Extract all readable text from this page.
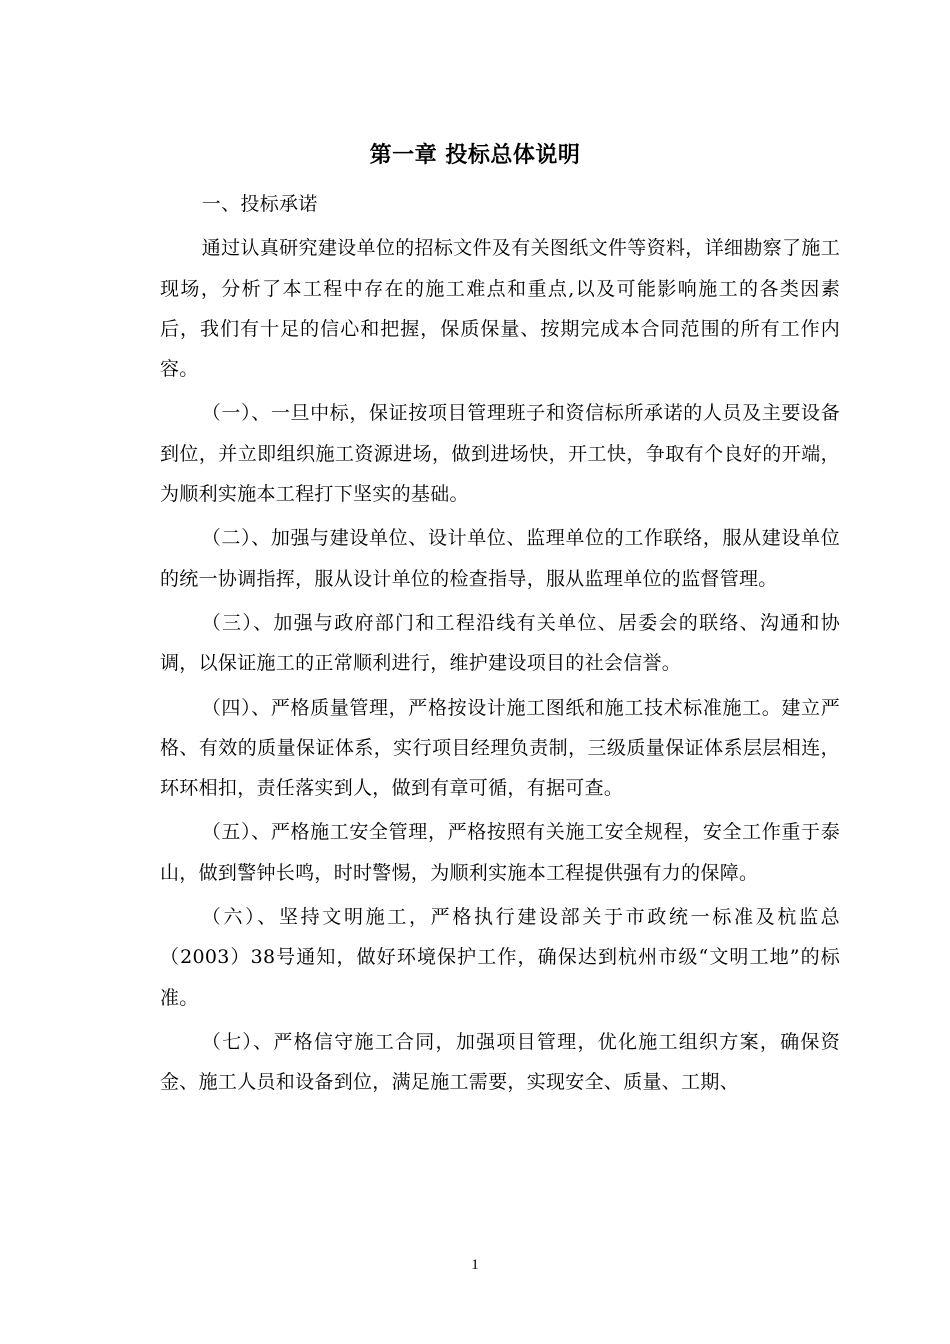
第一章 投标总体说明

一、投标承诺

通过认真研究建设单位的招标文件及有关图纸文件等资料，详细勘察了施工现场，分析了本工程中存在的施工难点和重点,以及可能影响施工的各类因素后，我们有十足的信心和把握，保质保量、按期完成本合同范围的所有工作内容。

（一）、一旦中标，保证按项目管理班子和资信标所承诺的人员及主要设备到位，并立即组织施工资源进场，做到进场快，开工快，争取有个良好的开端，为顺利实施本工程打下坚实的基础。

（二）、加强与建设单位、设计单位、监理单位的工作联络，服从建设单位的统一协调指挥，服从设计单位的检查指导，服从监理单位的监督管理。

（三）、加强与政府部门和工程沿线有关单位、居委会的联络、沟通和协调，以保证施工的正常顺利进行，维护建设项目的社会信誉。

（四）、严格质量管理，严格按设计施工图纸和施工技术标准施工。建立严格、有效的质量保证体系，实行项目经理负责制，三级质量保证体系层层相连，环环相扣，责任落实到人，做到有章可循，有据可查。

（五）、严格施工安全管理，严格按照有关施工安全规程，安全工作重于泰山，做到警钟长鸣，时时警惕，为顺利实施本工程提供强有力的保障。

（六）、坚持文明施工，严格执行建设部关于市政统一标准及杭监总（2003）38号通知，做好环境保护工作，确保达到杭州市级“文明工地”的标准。

（七）、严格信守施工合同，加强项目管理，优化施工组织方案，确保资金、施工人员和设备到位，满足施工需要，实现安全、质量、工期、

1
